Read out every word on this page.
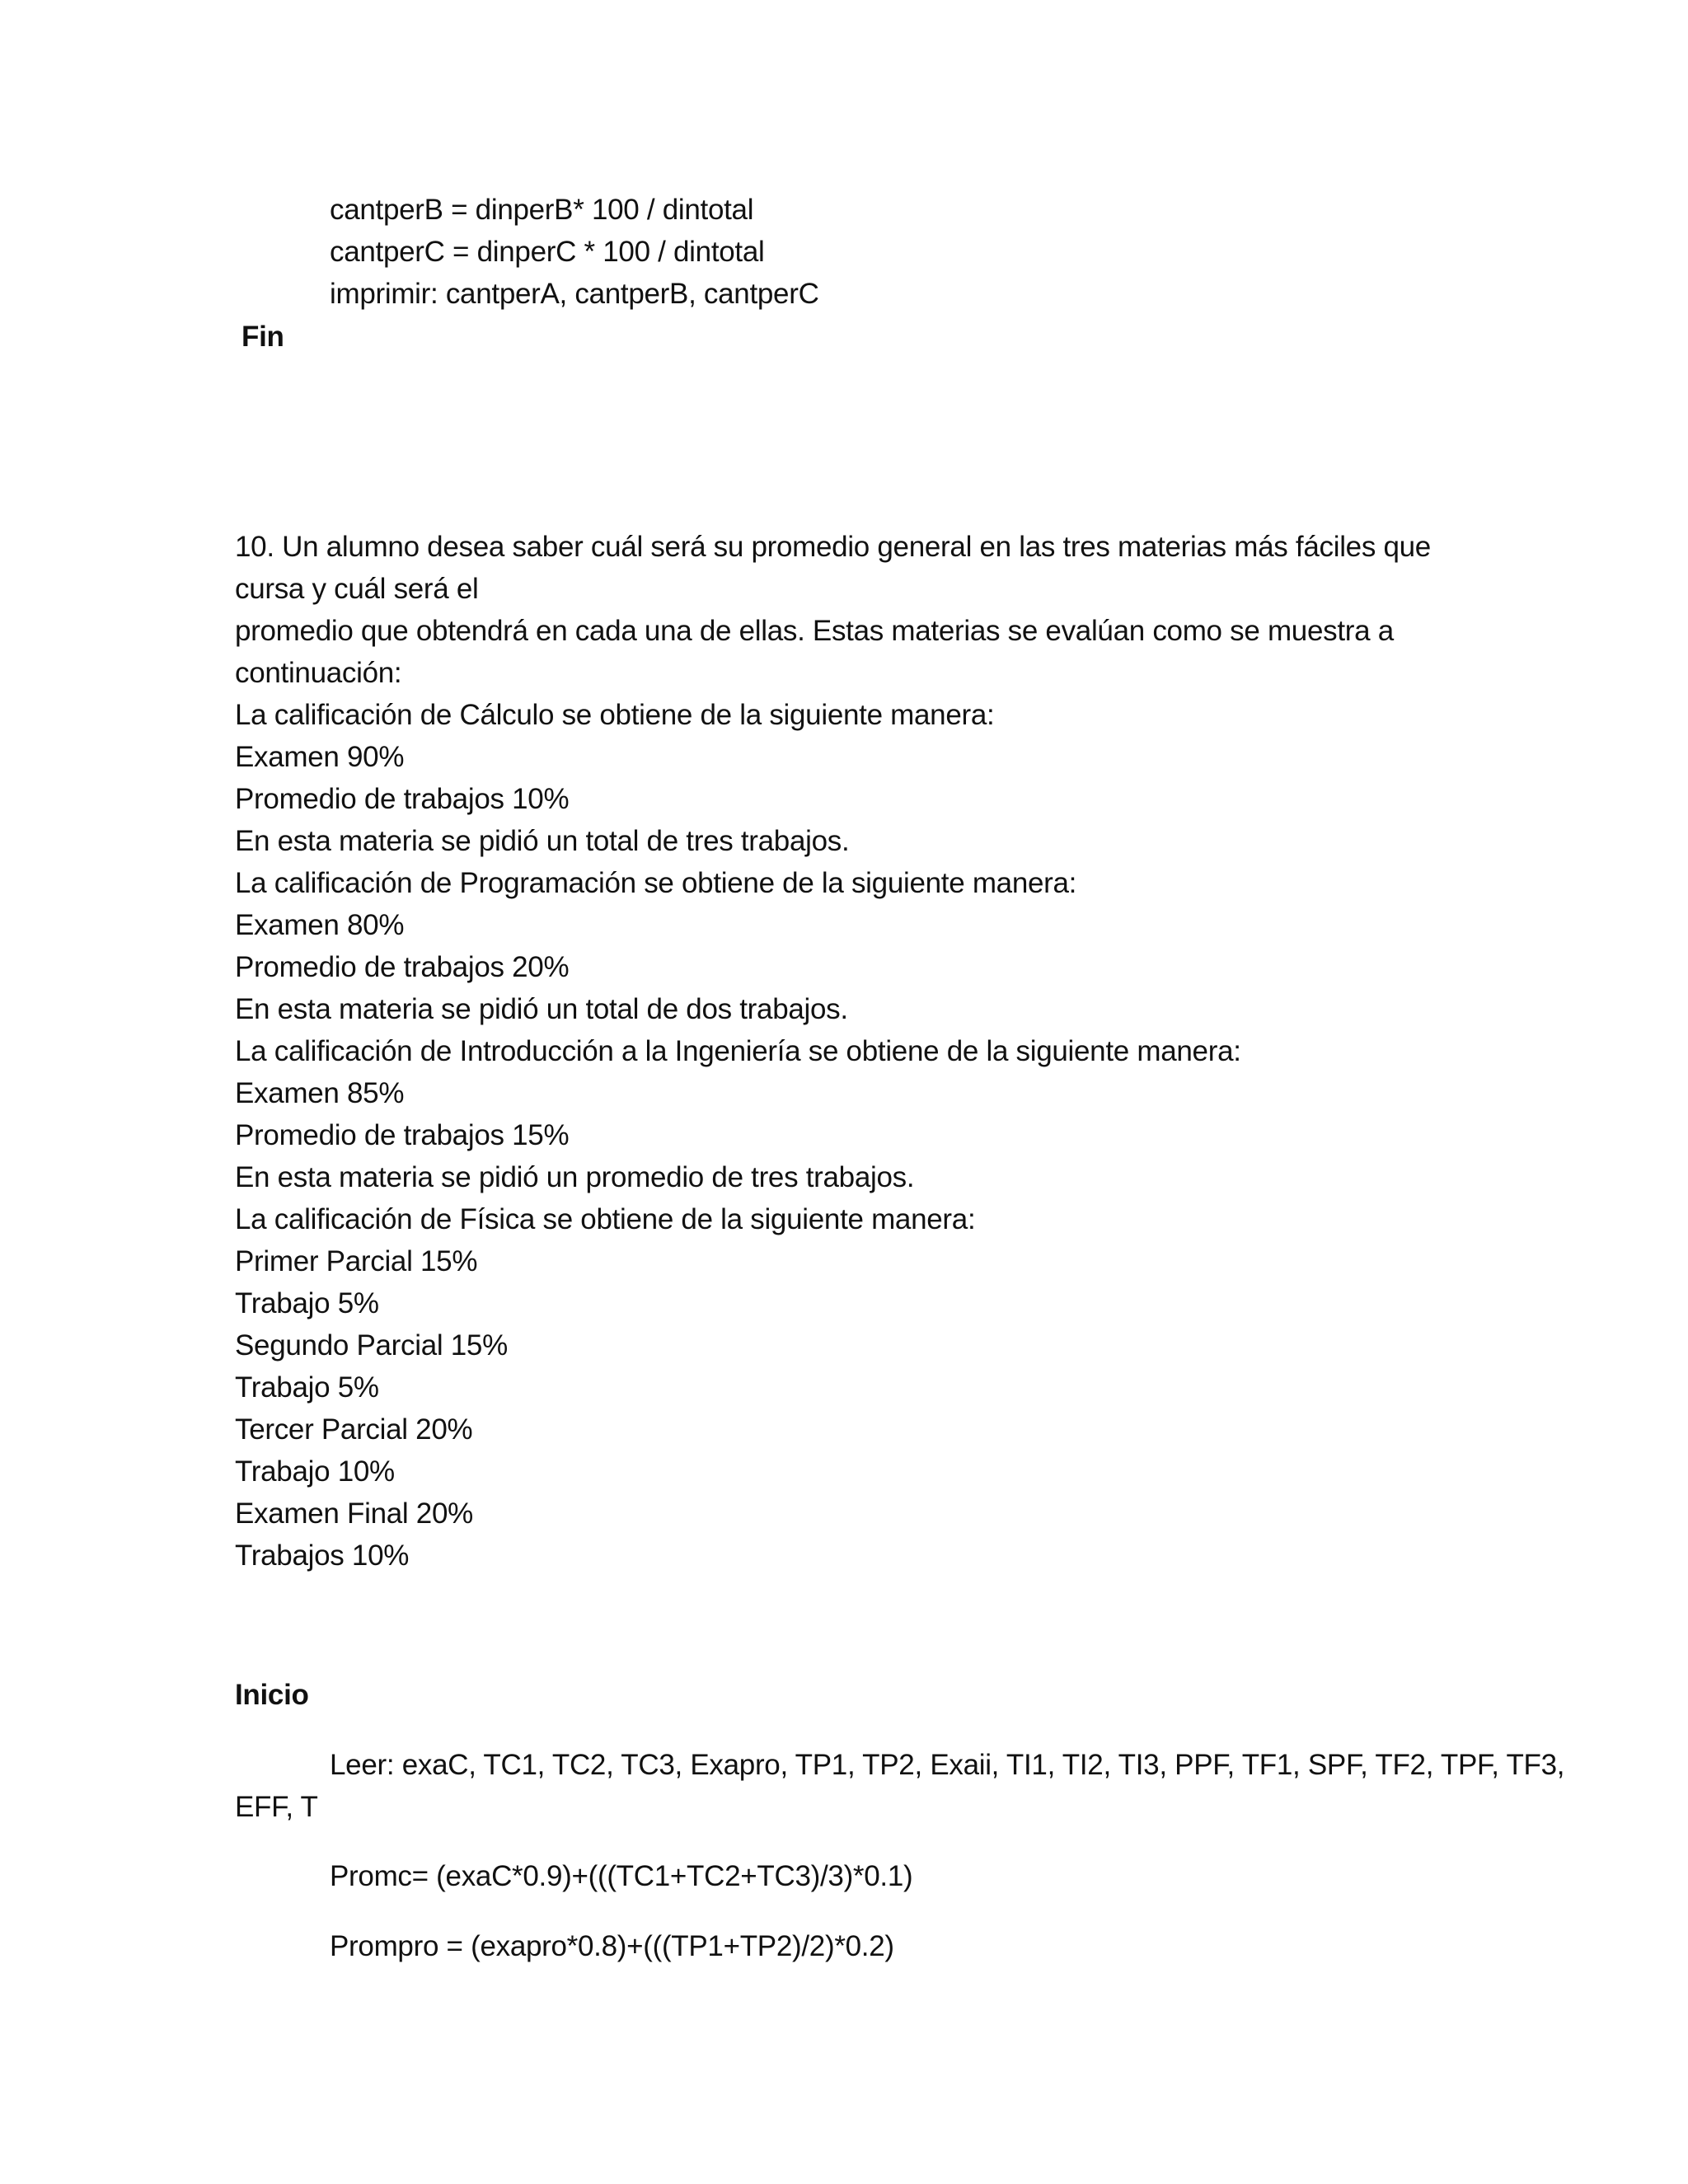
cantperB = dinperB* 100 / dintotal
cantperC = dinperC * 100 / dintotal
imprimir: cantperA, cantperB, cantperC
Fin
10. Un alumno desea saber cuál será su promedio general en las tres materias más fáciles que
cursa y cuál será el
promedio que obtendrá en cada una de ellas. Estas materias se evalúan como se muestra a
continuación:
La calificación de Cálculo se obtiene de la siguiente manera:
Examen 90%
Promedio de trabajos 10%
En esta materia se pidió un total de tres trabajos.
La calificación de Programación se obtiene de la siguiente manera:
Examen 80%
Promedio de trabajos 20%
En esta materia se pidió un total de dos trabajos.
La calificación de Introducción a la Ingeniería se obtiene de la siguiente manera:
Examen 85%
Promedio de trabajos 15%
En esta materia se pidió un promedio de tres trabajos.
La calificación de Física se obtiene de la siguiente manera:
Primer Parcial 15%
Trabajo 5%
Segundo Parcial 15%
Trabajo 5%
Tercer Parcial 20%
Trabajo 10%
Examen Final 20%
Trabajos 10%
Inicio
Leer: exaC, TC1, TC2, TC3, Exapro, TP1, TP2, Exaii, TI1, TI2, TI3, PPF, TF1, SPF, TF2, TPF, TF3,
EFF, T
Promc= (exaC*0.9)+(((TC1+TC2+TC3)/3)*0.1)
Prompro = (exapro*0.8)+(((TP1+TP2)/2)*0.2)
